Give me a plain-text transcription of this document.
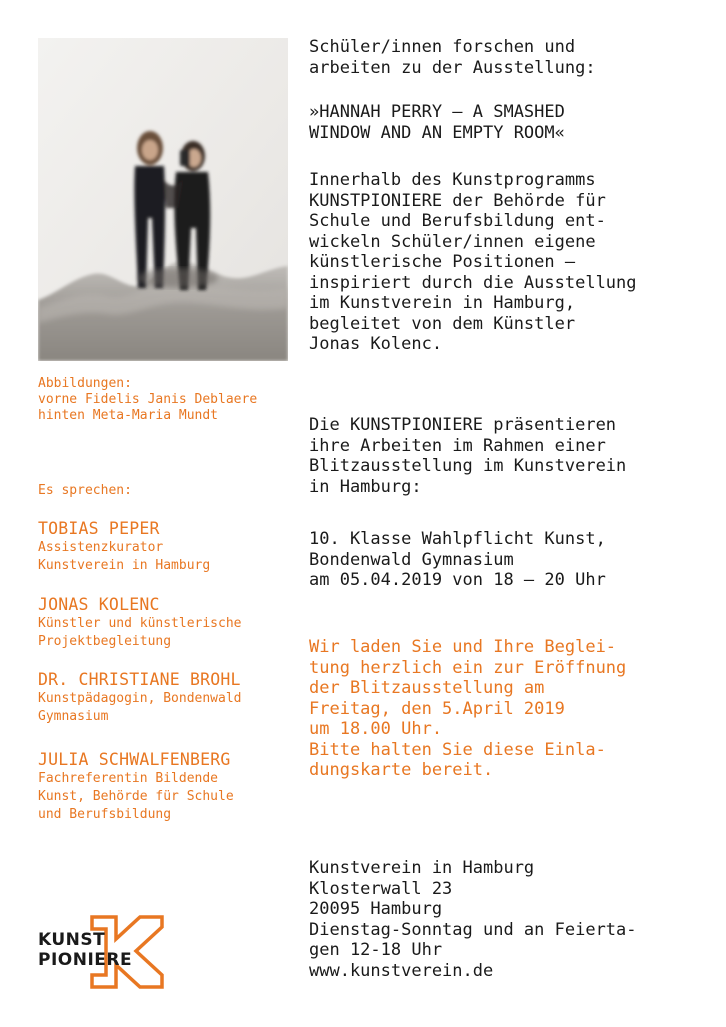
Abbildungen:
vorne Fidelis Janis Deblaere
hinten Meta-Maria Mundt
Es sprechen:
TOBIAS PEPER
Assistenzkurator
Kunstverein in Hamburg
JONAS KOLENC
Künstler und künstlerische
Projektbegleitung
DR. CHRISTIANE BROHL
Kunstpädagogin, Bondenwald
Gymnasium
JULIA SCHWALFENBERG
Fachreferentin Bildende
Kunst, Behörde für Schule
und Berufsbildung
Schüler/innen forschen und
arbeiten zu der Ausstellung:
»HANNAH PERRY – A SMASHED
WINDOW AND AN EMPTY ROOM«
Innerhalb des Kunstprogramms
KUNSTPIONIERE der Behörde für
Schule und Berufsbildung ent-
wickeln Schüler/innen eigene
künstlerische Positionen –
inspiriert durch die Ausstellung
im Kunstverein in Hamburg,
begleitet von dem Künstler
Jonas Kolenc.
Die KUNSTPIONIERE präsentieren
ihre Arbeiten im Rahmen einer
Blitzausstellung im Kunstverein
in Hamburg:
10. Klasse Wahlpflicht Kunst,
Bondenwald Gymnasium
am 05.04.2019 von 18 – 20 Uhr
Wir laden Sie und Ihre Beglei-
tung herzlich ein zur Eröffnung
der Blitzausstellung am
Freitag, den 5.April 2019
um 18.00 Uhr.
Bitte halten Sie diese Einla-
dungskarte bereit.
Kunstverein in Hamburg
Klosterwall 23
20095 Hamburg
Dienstag-Sonntag und an Feierta-
gen 12-18 Uhr
www.kunstverein.de
KUNST
PIONIERE
